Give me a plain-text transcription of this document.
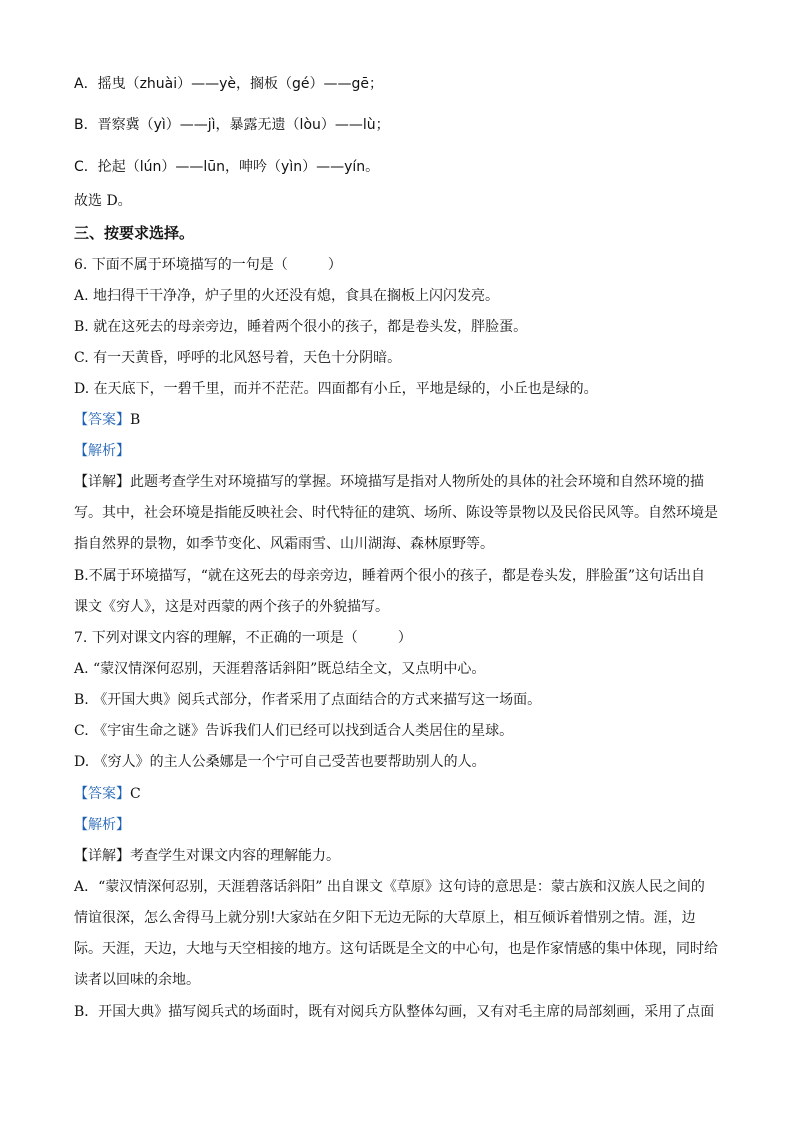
A．摇曳（zhuài）——yè，搁板（gé）——gē；
B．晋察冀（yì）——jì，暴露无遗（lòu）——lù；
C．抡起（lún）——lūn，呻吟（yìn）——yín。
故选 D。
三、按要求选择。
6. 下面不属于环境描写的一句是（	）
A. 地扫得干干净净，炉子里的火还没有熄，食具在搁板上闪闪发亮。
B. 就在这死去的母亲旁边，睡着两个很小的孩子，都是卷头发，胖脸蛋。
C. 有一天黄昏，呼呼的北风怒号着，天色十分阴暗。
D. 在天底下，一碧千里，而并不茫茫。四面都有小丘，平地是绿的，小丘也是绿的。
【答案】B
【解析】
【详解】此题考查学生对环境描写的掌握。环境描写是指对人物所处的具体的社会环境和自然环境的描
写。其中，社会环境是指能反映社会、时代特征的建筑、场所、陈设等景物以及民俗民风等。自然环境是
指自然界的景物，如季节变化、风霜雨雪、山川湖海、森林原野等。
B.不属于环境描写，“就在这死去的母亲旁边，睡着两个很小的孩子，都是卷头发，胖脸蛋”这句话出自
课文《穷人》，这是对西蒙的两个孩子的外貌描写。
7. 下列对课文内容的理解，不正确的一项是（	）
A. “蒙汉情深何忍别，天涯碧落话斜阳”既总结全文，又点明中心。
B. 《开国大典》阅兵式部分，作者采用了点面结合的方式来描写这一场面。
C. 《宇宙生命之谜》告诉我们人们已经可以找到适合人类居住的星球。
D. 《穷人》的主人公桑娜是一个宁可自己受苦也要帮助别人的人。
【答案】C
【解析】
【详解】考查学生对课文内容的理解能力。
A．“蒙汉情深何忍别，天涯碧落话斜阳” 出自课文《草原》这句诗的意思是：蒙古族和汉族人民之间的
情谊很深，怎么舍得马上就分别!大家站在夕阳下无边无际的大草原上，相互倾诉着惜别之情。涯，边
际。天涯，天边，大地与天空相接的地方。这句话既是全文的中心句，也是作家情感的集中体现，同时给
读者以回味的余地。
B．开国大典》描写阅兵式的场面时，既有对阅兵方队整体勾画，又有对毛主席的局部刻画，采用了点面
